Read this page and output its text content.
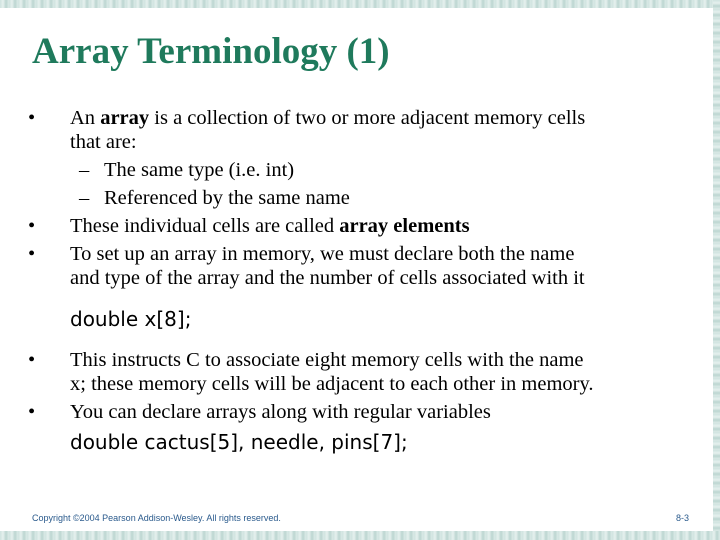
Array Terminology (1)
• An array is a collection of two or more adjacent memory cells
that are:
– The same type (i.e. int)
– Referenced by the same name
• These individual cells are called array elements
• To set up an array in memory, we must declare both the name
and type of the array and the number of cells associated with it
double x[8];
• This instructs C to associate eight memory cells with the name
x; these memory cells will be adjacent to each other in memory.
• You can declare arrays along with regular variables
double cactus[5], needle, pins[7];
Copyright ©2004 Pearson Addison-Wesley. All rights reserved.	8-3
